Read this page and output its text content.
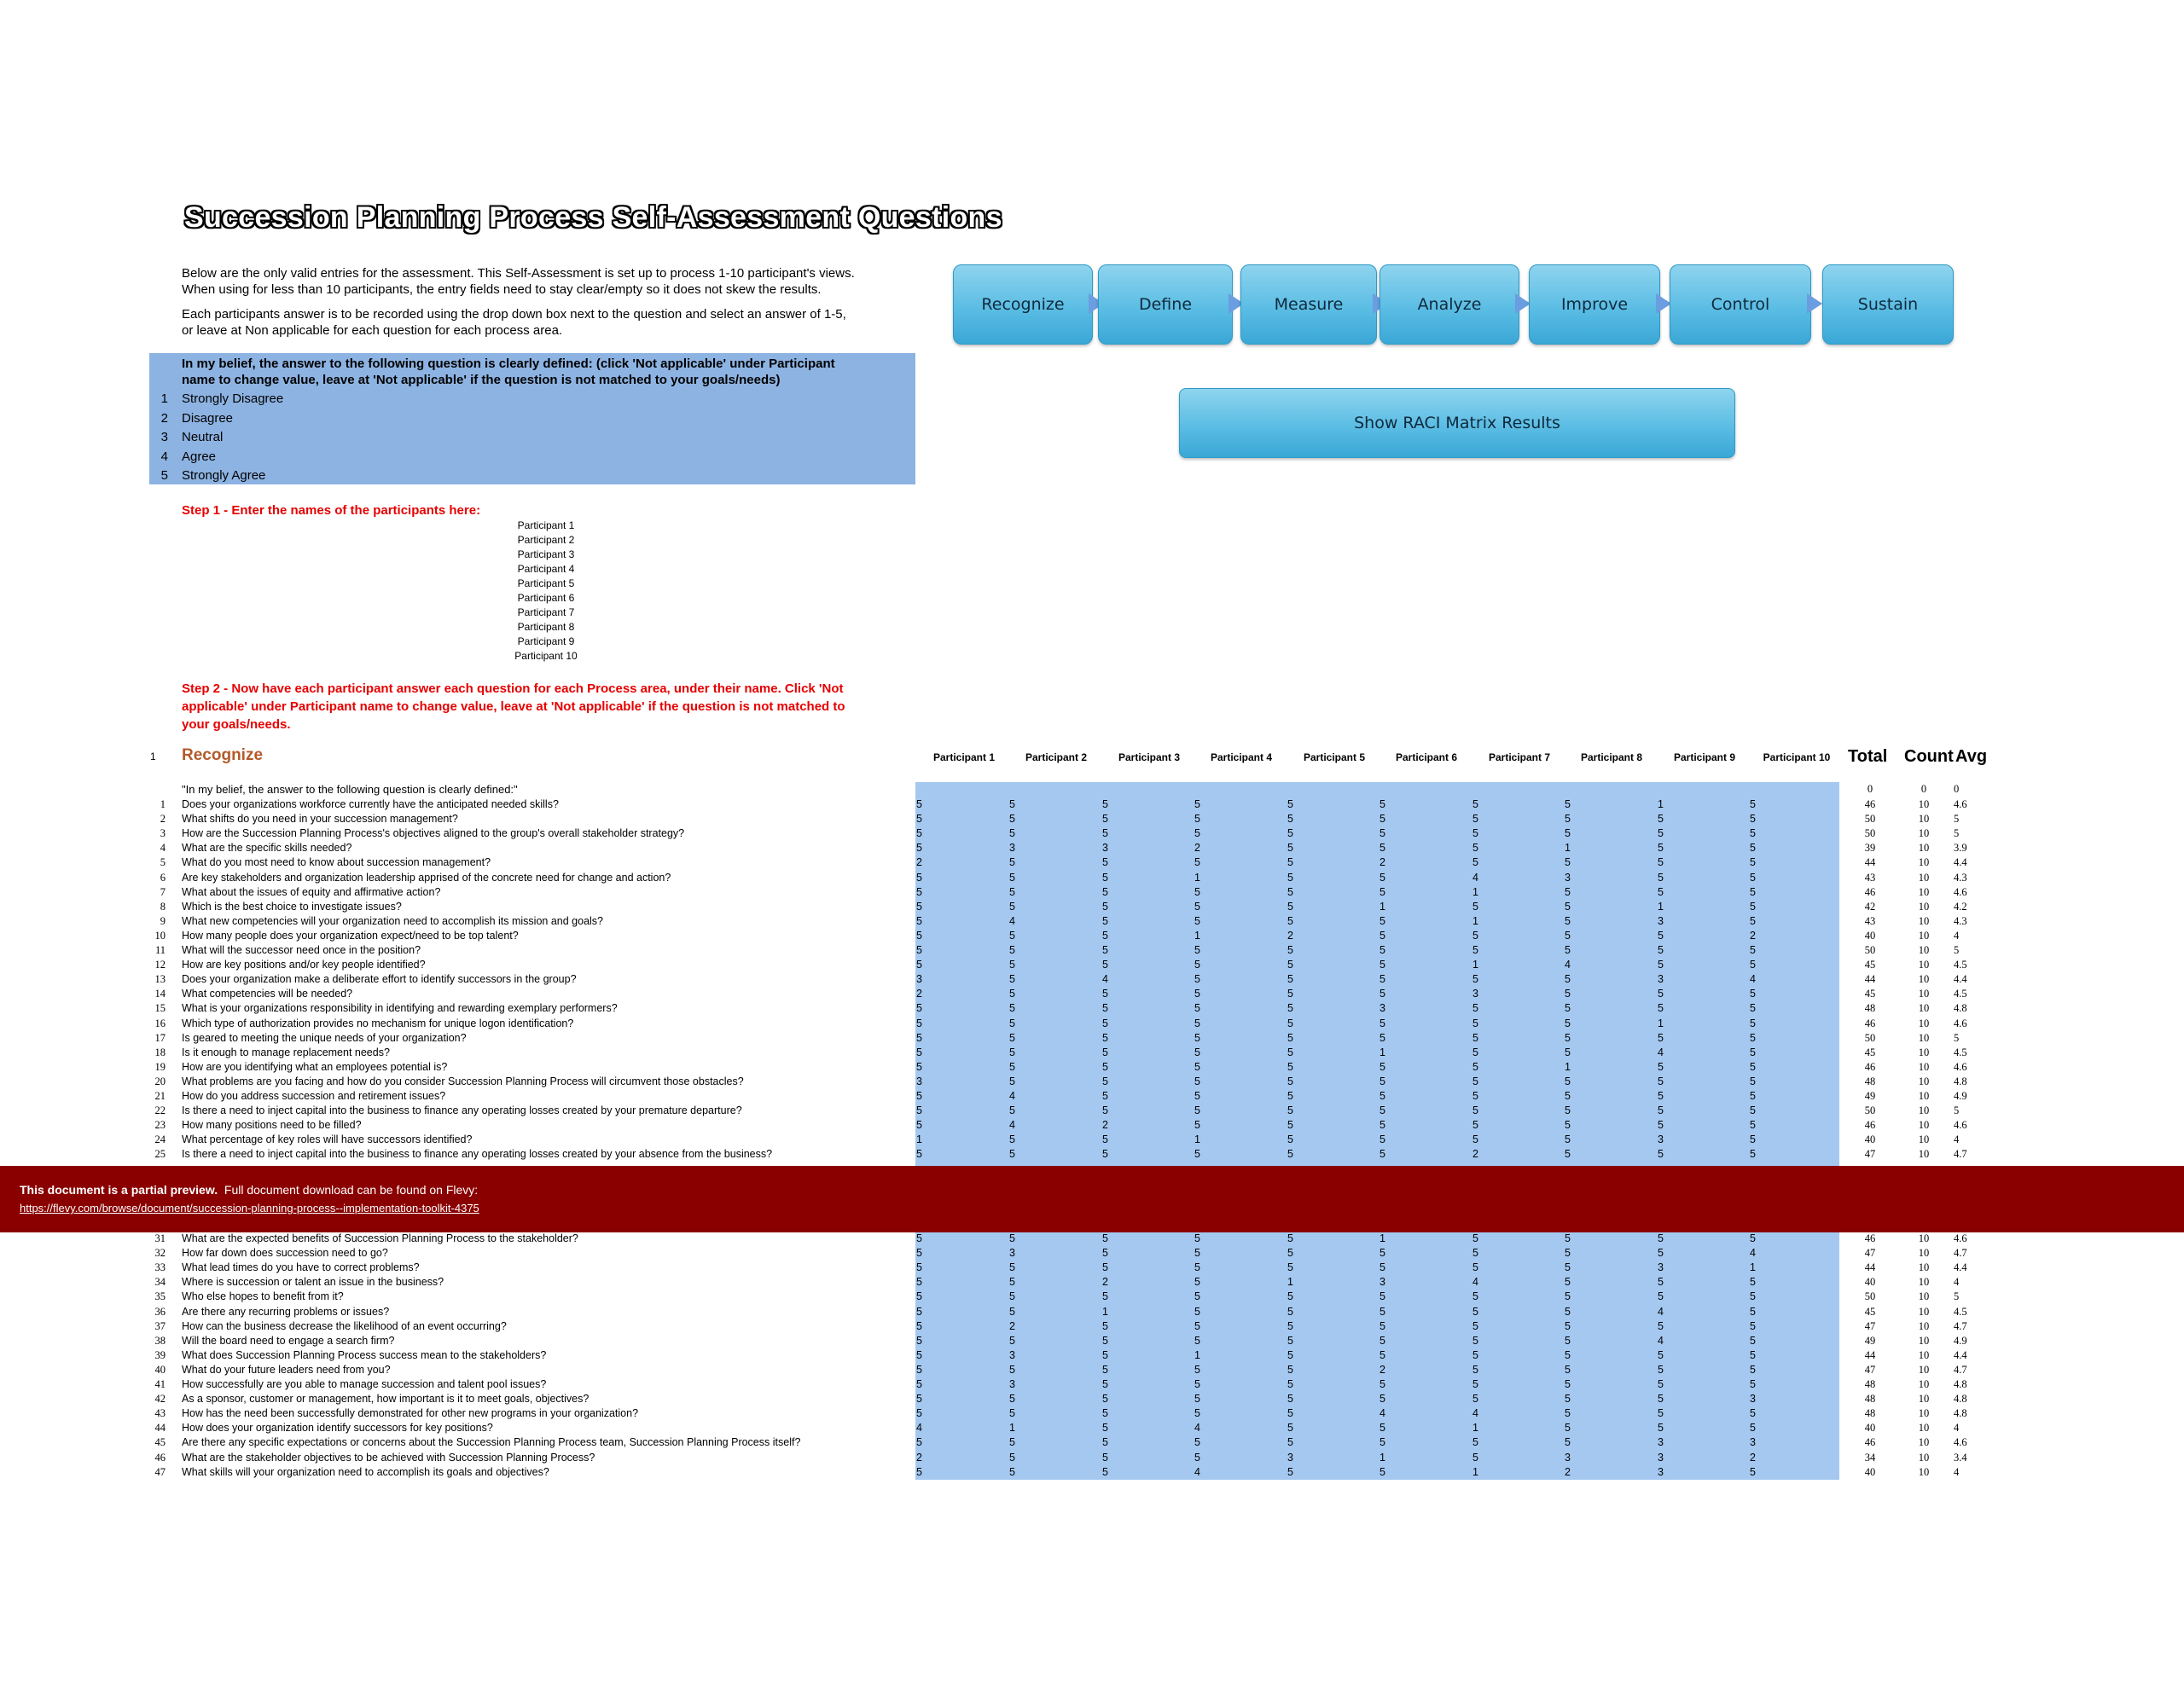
Succession Planning Process Self-Assessment Questions
Below are the only valid entries for the assessment. This Self-Assessment is set up to process 1-10 participant's views.
When using for less than 10 participants, the entry fields need to stay clear/empty so it does not skew the results.
Each participants answer is to be recorded using the drop down box next to the question and select an answer of 1-5,
or leave at Non applicable for each question for each process area.
In my belief, the answer to the following question is clearly defined: (click 'Not applicable' under Participant
name to change value, leave at 'Not applicable' if the question is not matched to your goals/needs)
1 Strongly Disagree
2 Disagree
3 Neutral
4 Agree
5 Strongly Agree
Step 1 - Enter the names of the participants here:
Participant 1
Participant 2
Participant 3
Participant 4
Participant 5
Participant 6
Participant 7
Participant 8
Participant 9
Participant 10
Step 2 - Now have each participant answer each question for each Process area, under their name. Click 'Not
applicable' under Participant name to change value, leave at 'Not applicable' if the question is not matched to
your goals/needs.
Recognize	Define	Measure	Analyze	Improve	Control	Sustain
Show RACI Matrix Results
1 Recognize	Participant 1	Participant 2	Participant 3	Participant 4	Participant 5	Participant 6	Participant 7	Participant 8	Participant 9	Participant 10	Total Count Avg
"In my belief, the answer to the following question is clearly defined:"	0	0	0
1 Does your organizations workforce currently have the anticipated needed skills?	5	5	5	5	5	5	5	5	1	5	46	10	4.6
2 What shifts do you need in your succession management?	5	5	5	5	5	5	5	5	5	5	50	10	5
3 How are the Succession Planning Process's objectives aligned to the group's overall stakeholder strategy?	5	5	5	5	5	5	5	5	5	5	50	10	5
4 What are the specific skills needed?	5	3	3	2	5	5	5	1	5	5	39	10	3.9
5 What do you most need to know about succession management?	2	5	5	5	5	2	5	5	5	5	44	10	4.4
6 Are key stakeholders and organization leadership apprised of the concrete need for change and action?	5	5	5	1	5	5	4	3	5	5	43	10	4.3
7 What about the issues of equity and affirmative action?	5	5	5	5	5	5	1	5	5	5	46	10	4.6
8 Which is the best choice to investigate issues?	5	5	5	5	5	1	5	5	1	5	42	10	4.2
9 What new competencies will your organization need to accomplish its mission and goals?	5	4	5	5	5	5	1	5	3	5	43	10	4.3
10 How many people does your organization expect/need to be top talent?	5	5	5	1	2	5	5	5	5	2	40	10	4
11 What will the successor need once in the position?	5	5	5	5	5	5	5	5	5	5	50	10	5
12 How are key positions and/or key people identified?	5	5	5	5	5	5	1	4	5	5	45	10	4.5
13 Does your organization make a deliberate effort to identify successors in the group?	3	5	4	5	5	5	5	5	3	4	44	10	4.4
14 What competencies will be needed?	2	5	5	5	5	5	3	5	5	5	45	10	4.5
15 What is your organizations responsibility in identifying and rewarding exemplary performers?	5	5	5	5	5	3	5	5	5	5	48	10	4.8
16 Which type of authorization provides no mechanism for unique logon identification?	5	5	5	5	5	5	5	5	1	5	46	10	4.6
17 Is geared to meeting the unique needs of your organization?	5	5	5	5	5	5	5	5	5	5	50	10	5
18 Is it enough to manage replacement needs?	5	5	5	5	5	1	5	5	4	5	45	10	4.5
19 How are you identifying what an employees potential is?	5	5	5	5	5	5	5	1	5	5	46	10	4.6
20 What problems are you facing and how do you consider Succession Planning Process will circumvent those obstacles?	3	5	5	5	5	5	5	5	5	5	48	10	4.8
21 How do you address succession and retirement issues?	5	4	5	5	5	5	5	5	5	5	49	10	4.9
22 Is there a need to inject capital into the business to finance any operating losses created by your premature departure?	5	5	5	5	5	5	5	5	5	5	50	10	5
23 How many positions need to be filled?	5	4	2	5	5	5	5	5	5	5	46	10	4.6
24 What percentage of key roles will have successors identified?	1	5	5	1	5	5	5	5	3	5	40	10	4
25 Is there a need to inject capital into the business to finance any operating losses created by your absence from the business?	5	5	5	5	5	5	2	5	5	5	47	10	4.7
31 What are the expected benefits of Succession Planning Process to the stakeholder?	5	5	5	5	5	1	5	5	5	5	46	10	4.6
32 How far down does succession need to go?	5	3	5	5	5	5	5	5	5	4	47	10	4.7
33 What lead times do you have to correct problems?	5	5	5	5	5	5	5	5	3	1	44	10	4.4
34 Where is succession or talent an issue in the business?	5	5	2	5	1	3	4	5	5	5	40	10	4
35 Who else hopes to benefit from it?	5	5	5	5	5	5	5	5	5	5	50	10	5
36 Are there any recurring problems or issues?	5	5	1	5	5	5	5	5	4	5	45	10	4.5
37 How can the business decrease the likelihood of an event occurring?	5	2	5	5	5	5	5	5	5	5	47	10	4.7
38 Will the board need to engage a search firm?	5	5	5	5	5	5	5	5	4	5	49	10	4.9
39 What does Succession Planning Process success mean to the stakeholders?	5	3	5	1	5	5	5	5	5	5	44	10	4.4
40 What do your future leaders need from you?	5	5	5	5	5	2	5	5	5	5	47	10	4.7
41 How successfully are you able to manage succession and talent pool issues?	5	3	5	5	5	5	5	5	5	5	48	10	4.8
42 As a sponsor, customer or management, how important is it to meet goals, objectives?	5	5	5	5	5	5	5	5	5	3	48	10	4.8
43 How has the need been successfully demonstrated for other new programs in your organization?	5	5	5	5	5	4	4	5	5	5	48	10	4.8
44 How does your organization identify successors for key positions?	4	1	5	4	5	5	1	5	5	5	40	10	4
45 Are there any specific expectations or concerns about the Succession Planning Process team, Succession Planning Process itself?	5	5	5	5	5	5	5	5	3	3	46	10	4.6
46 What are the stakeholder objectives to be achieved with Succession Planning Process?	2	5	5	5	3	1	5	3	3	2	34	10	3.4
47 What skills will your organization need to accomplish its goals and objectives?	5	5	5	4	5	5	1	2	3	5	40	10	4
This document is a partial preview. Full document download can be found on Flevy:
https://flevy.com/browse/document/succession-planning-process--implementation-toolkit-4375
